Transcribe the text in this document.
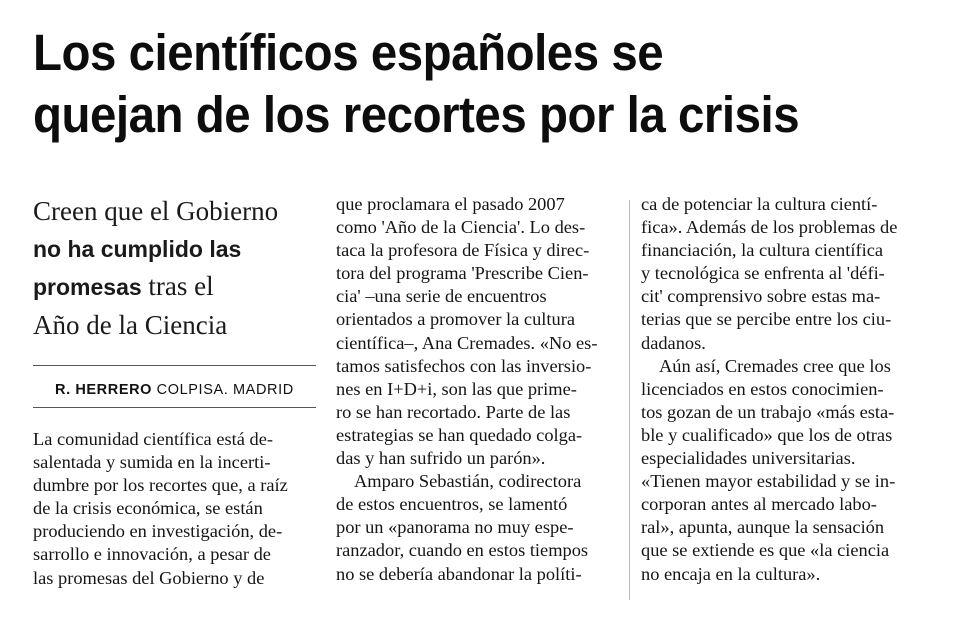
Los científicos españoles se
quejan de los recortes por la crisis
Creen que el Gobierno
no ha cumplido las
promesas tras el
Año de la Ciencia
R. HERRERO COLPISA. MADRID
La comunidad científica está de-
salentada y sumida en la incerti-
dumbre por los recortes que, a raíz
de la crisis económica, se están
produciendo en investigación, de-
sarrollo e innovación, a pesar de
las promesas del Gobierno y de
que proclamara el pasado 2007
como 'Año de la Ciencia'. Lo des-
taca la profesora de Física y direc-
tora del programa 'Prescribe Cien-
cia' –una serie de encuentros
orientados a promover la cultura
científica–, Ana Cremades. «No es-
tamos satisfechos con las inversio-
nes en I+D+i, son las que prime-
ro se han recortado. Parte de las
estrategias se han quedado colga-
das y han sufrido un parón».
Amparo Sebastián, codirectora
de estos encuentros, se lamentó
por un «panorama no muy espe-
ranzador, cuando en estos tiempos
no se debería abandonar la políti-
ca de potenciar la cultura cientí-
fica». Además de los problemas de
financiación, la cultura científica
y tecnológica se enfrenta al 'défi-
cit' comprensivo sobre estas ma-
terias que se percibe entre los ciu-
dadanos.
Aún así, Cremades cree que los
licenciados en estos conocimien-
tos gozan de un trabajo «más esta-
ble y cualificado» que los de otras
especialidades universitarias.
«Tienen mayor estabilidad y se in-
corporan antes al mercado labo-
ral», apunta, aunque la sensación
que se extiende es que «la ciencia
no encaja en la cultura».
